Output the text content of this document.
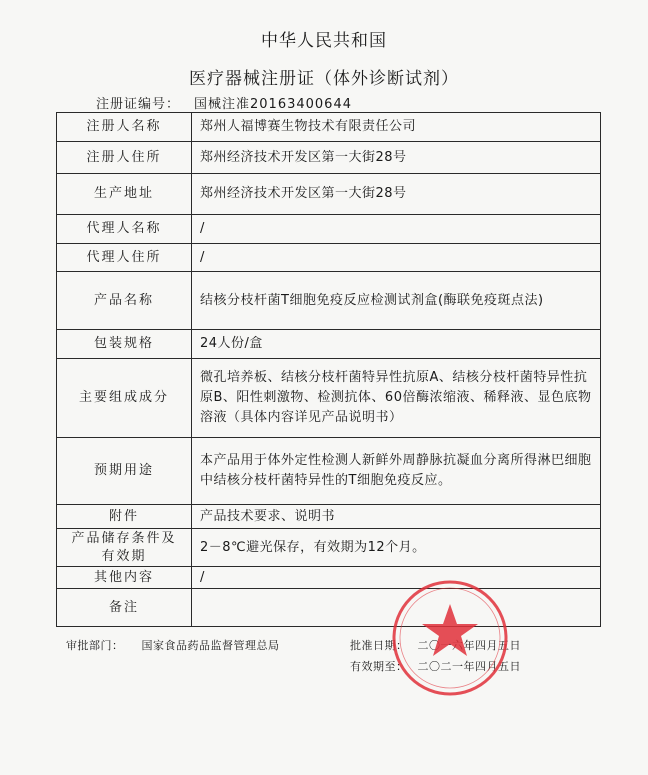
中华人民共和国
医疗器械注册证（体外诊断试剂）
注册证编号： 国械注准20163400644
注册人名称	郑州人福博赛生物技术有限责任公司
注册人住所	郑州经济技术开发区第一大街28号
生产地址	郑州经济技术开发区第一大街28号
代理人名称	/
代理人住所	/
产品名称	结核分枝杆菌T细胞免疫反应检测试剂盒(酶联免疫斑点法)
包装规格	24人份/盒
主要组成成分	微孔培养板、结核分枝杆菌特异性抗原A、结核分枝杆菌特异性抗原B、阳性刺激物、检测抗体、60倍酶浓缩液、稀释液、显色底物溶液（具体内容详见产品说明书）
预期用途	本产品用于体外定性检测人新鲜外周静脉抗凝血分离所得淋巴细胞中结核分枝杆菌特异性的T细胞免疫反应。
附件	产品技术要求、说明书
产品储存条件及有效期	2－8℃避光保存，有效期为12个月。
其他内容	/
备注	
审批部门： 国家食品药品监督管理总局	批准日期： 二〇一六年四月五日
有效期至： 二〇二一年四月五日
